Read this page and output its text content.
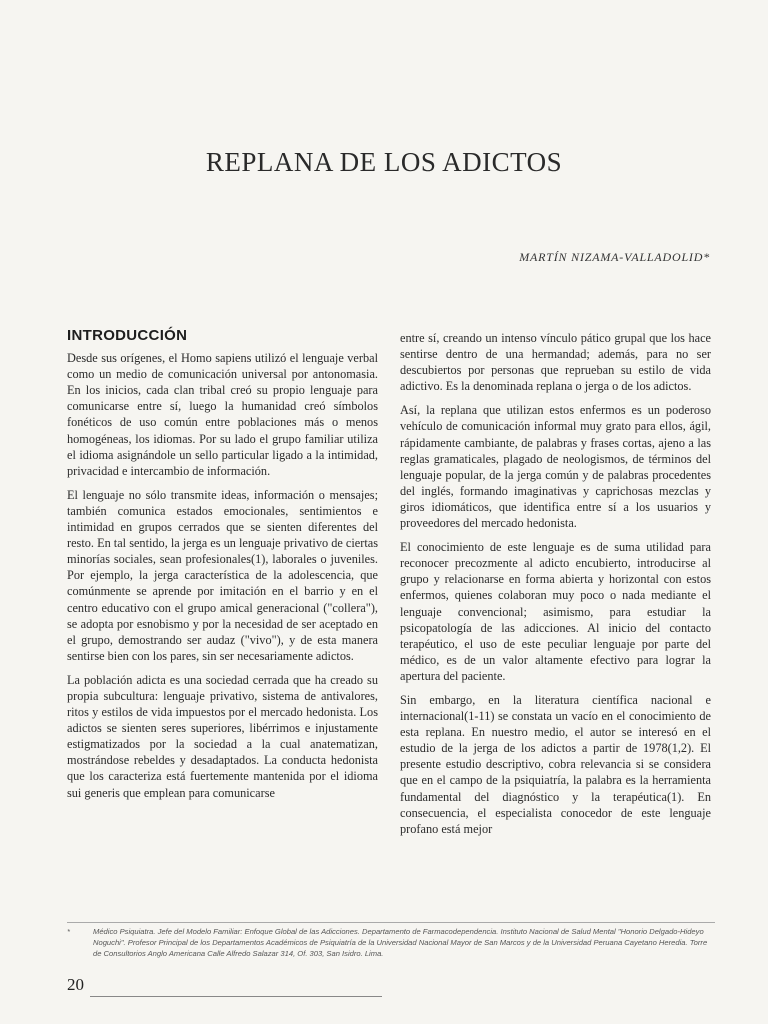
REPLANA DE LOS ADICTOS
MARTÍN NIZAMA-VALLADOLID*
INTRODUCCIÓN

Desde sus orígenes, el Homo sapiens utilizó el lenguaje verbal como un medio de comunicación universal por antonomasia. En los inicios, cada clan tribal creó su propio lenguaje para comunicarse entre sí, luego la humanidad creó símbolos fonéticos de uso común entre poblaciones más o menos homogéneas, los idiomas. Por su lado el grupo familiar utiliza el idioma asignándole un sello particular ligado a la intimidad, privacidad e intercambio de información.

El lenguaje no sólo transmite ideas, información o mensajes; también comunica estados emocionales, sentimientos e intimidad en grupos cerrados que se sienten diferentes del resto. En tal sentido, la jerga es un lenguaje privativo de ciertas minorías sociales, sean profesionales(1), laborales o juveniles. Por ejemplo, la jerga característica de la adolescencia, que comúnmente se aprende por imitación en el barrio y en el centro educativo con el grupo amical generacional ("collera"), se adopta por esnobismo y por la necesidad de ser aceptado en el grupo, demostrando ser audaz ("vivo"), y de esta manera sentirse bien con los pares, sin ser necesariamente adictos.

La población adicta es una sociedad cerrada que ha creado su propia subcultura: lenguaje privativo, sistema de antivalores, ritos y estilos de vida impuestos por el mercado hedonista. Los adictos se sienten seres superiores, libérrimos e injustamente estigmatizados por la sociedad a la cual anatematizan, mostrándose rebeldes y desadaptados. La conducta hedonista que los caracteriza está fuertemente mantenida por el idioma sui generis que emplean para comunicarse

entre sí, creando un intenso vínculo pático grupal que los hace sentirse dentro de una hermandad; además, para no ser descubiertos por personas que reprueban su estilo de vida adictivo. Es la denominada replana o jerga o de los adictos.

Así, la replana que utilizan estos enfermos es un poderoso vehículo de comunicación informal muy grato para ellos, ágil, rápidamente cambiante, de palabras y frases cortas, ajeno a las reglas gramaticales, plagado de neologismos, de términos del lenguaje popular, de la jerga común y de palabras procedentes del inglés, formando imaginativas y caprichosas mezclas y giros idiomáticos, que identifica entre sí a los usuarios y proveedores del mercado hedonista.

El conocimiento de este lenguaje es de suma utilidad para reconocer precozmente al adicto encubierto, introducirse al grupo y relacionarse en forma abierta y horizontal con estos enfermos, quienes colaboran muy poco o nada mediante el lenguaje convencional; asimismo, para estudiar la psicopatología de las adicciones. Al inicio del contacto terapéutico, el uso de este peculiar lenguaje por parte del médico, es de un valor altamente efectivo para lograr la apertura del paciente.

Sin embargo, en la literatura científica nacional e internacional(1-11) se constata un vacío en el conocimiento de esta replana. En nuestro medio, el autor se interesó en el estudio de la jerga de los adictos a partir de 1978(1,2). El presente estudio descriptivo, cobra relevancia si se considera que en el campo de la psiquiatría, la palabra es la herramienta fundamental del diagnóstico y la terapéutica(1). En consecuencia, el especialista conocedor de este lenguaje profano está mejor

*	Médico Psiquiatra. Jefe del Modelo Familiar: Enfoque Global de las Adicciones. Departamento de Farmacodependencia. Instituto Nacional de Salud Mental "Honorio Delgado-Hideyo Noguchi". Profesor Principal de los Departamentos Académicos de Psiquiatría de la Universidad Nacional Mayor de San Marcos y de la Universidad Peruana Cayetano Heredia. Torre de Consultorios Anglo Americana Calle Alfredo Salazar 314, Of. 303, San Isidro. Lima.
20
